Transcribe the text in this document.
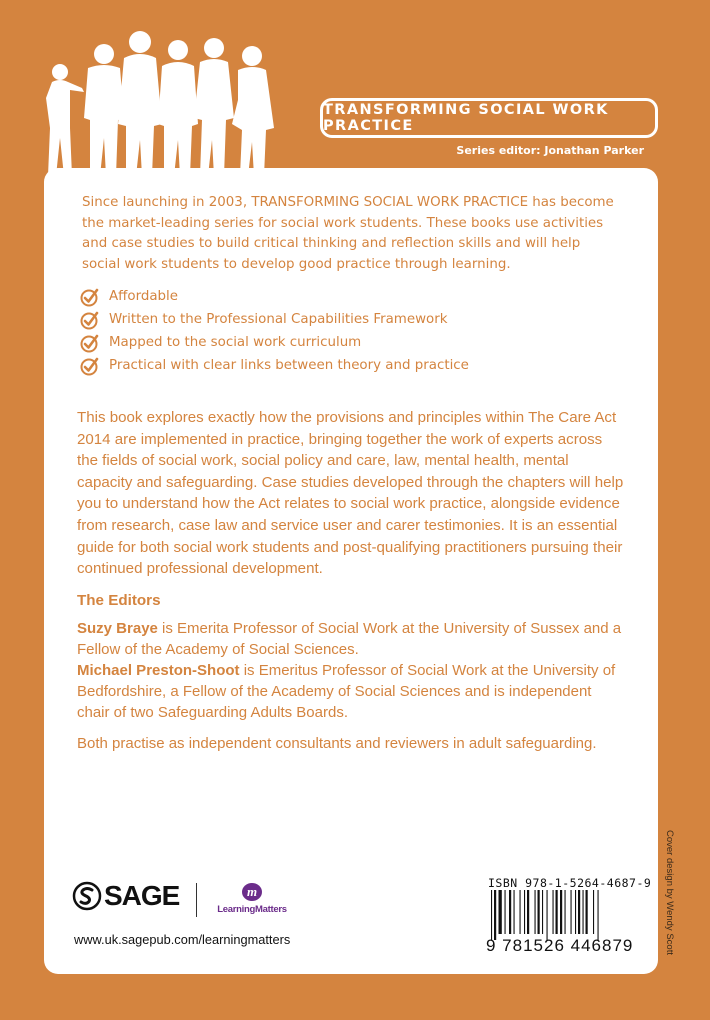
TRANSFORMING SOCIAL WORK PRACTICE
Series editor: Jonathan Parker

Since launching in 2003, TRANSFORMING SOCIAL WORK PRACTICE has become the market-leading series for social work students. These books use activities and case studies to build critical thinking and reflection skills and will help social work students to develop good practice through learning.

Affordable
Written to the Professional Capabilities Framework
Mapped to the social work curriculum
Practical with clear links between theory and practice

This book explores exactly how the provisions and principles within The Care Act 2014 are implemented in practice, bringing together the work of experts across the fields of social work, social policy and care, law, mental health, mental capacity and safeguarding. Case studies developed through the chapters will help you to understand how the Act relates to social work practice, alongside evidence from research, case law and service user and carer testimonies. It is an essential guide for both social work students and post-qualifying practitioners pursuing their continued professional development.

The Editors

Suzy Braye is Emerita Professor of Social Work at the University of Sussex and a Fellow of the Academy of Social Sciences.

Michael Preston-Shoot is Emeritus Professor of Social Work at the University of Bedfordshire, a Fellow of the Academy of Social Sciences and is independent chair of two Safeguarding Adults Boards.

Both practise as independent consultants and reviewers in adult safeguarding.

SAGE	m
LearningMatters

www.uk.sagepub.com/learningmatters

ISBN 978-1-5264-4687-9
9 781526 446879	Cover design by Wendy Scott
